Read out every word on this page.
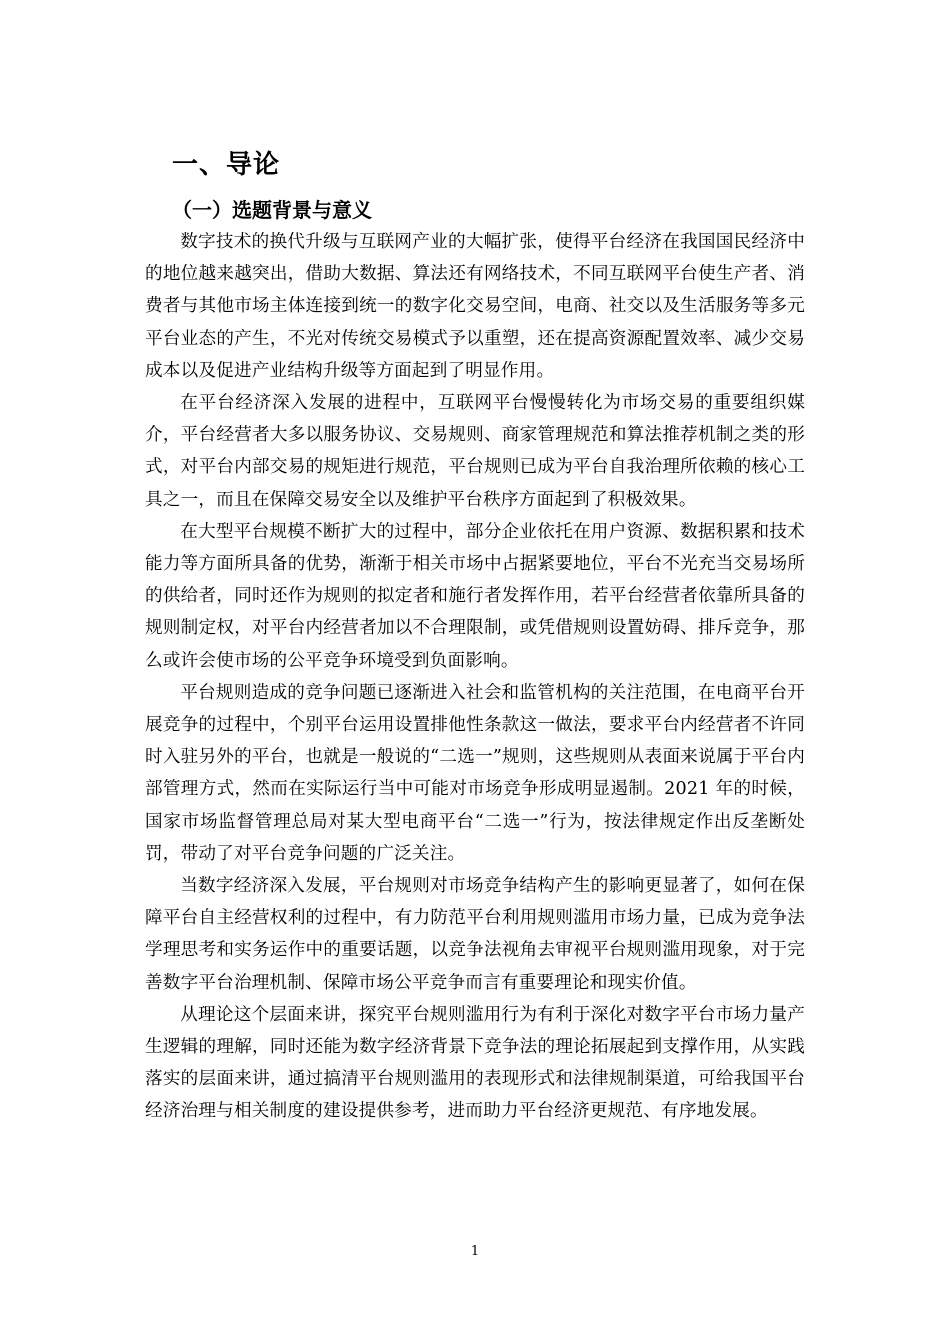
一、导论
（一）选题背景与意义

数字技术的换代升级与互联网产业的大幅扩张，使得平台经济在我国国民经济中的地位越来越突出，借助大数据、算法还有网络技术，不同互联网平台使生产者、消费者与其他市场主体连接到统一的数字化交易空间，电商、社交以及生活服务等多元平台业态的产生，不光对传统交易模式予以重塑，还在提高资源配置效率、减少交易成本以及促进产业结构升级等方面起到了明显作用。

在平台经济深入发展的进程中，互联网平台慢慢转化为市场交易的重要组织媒介，平台经营者大多以服务协议、交易规则、商家管理规范和算法推荐机制之类的形式，对平台内部交易的规矩进行规范，平台规则已成为平台自我治理所依赖的核心工具之一，而且在保障交易安全以及维护平台秩序方面起到了积极效果。

在大型平台规模不断扩大的过程中，部分企业依托在用户资源、数据积累和技术能力等方面所具备的优势，渐渐于相关市场中占据紧要地位，平台不光充当交易场所的供给者，同时还作为规则的拟定者和施行者发挥作用，若平台经营者依靠所具备的规则制定权，对平台内经营者加以不合理限制，或凭借规则设置妨碍、排斥竞争，那么或许会使市场的公平竞争环境受到负面影响。

平台规则造成的竞争问题已逐渐进入社会和监管机构的关注范围，在电商平台开展竞争的过程中，个别平台运用设置排他性条款这一做法，要求平台内经营者不许同时入驻另外的平台，也就是一般说的“二选一”规则，这些规则从表面来说属于平台内部管理方式，然而在实际运行当中可能对市场竞争形成明显遏制。2021 年的时候，国家市场监督管理总局对某大型电商平台“二选一”行为，按法律规定作出反垄断处罚，带动了对平台竞争问题的广泛关注。

当数字经济深入发展，平台规则对市场竞争结构产生的影响更显著了，如何在保障平台自主经营权利的过程中，有力防范平台利用规则滥用市场力量，已成为竞争法学理思考和实务运作中的重要话题，以竞争法视角去审视平台规则滥用现象，对于完善数字平台治理机制、保障市场公平竞争而言有重要理论和现实价值。

从理论这个层面来讲，探究平台规则滥用行为有利于深化对数字平台市场力量产生逻辑的理解，同时还能为数字经济背景下竞争法的理论拓展起到支撑作用，从实践落实的层面来讲，通过搞清平台规则滥用的表现形式和法律规制渠道，可给我国平台经济治理与相关制度的建设提供参考，进而助力平台经济更规范、有序地发展。

1
